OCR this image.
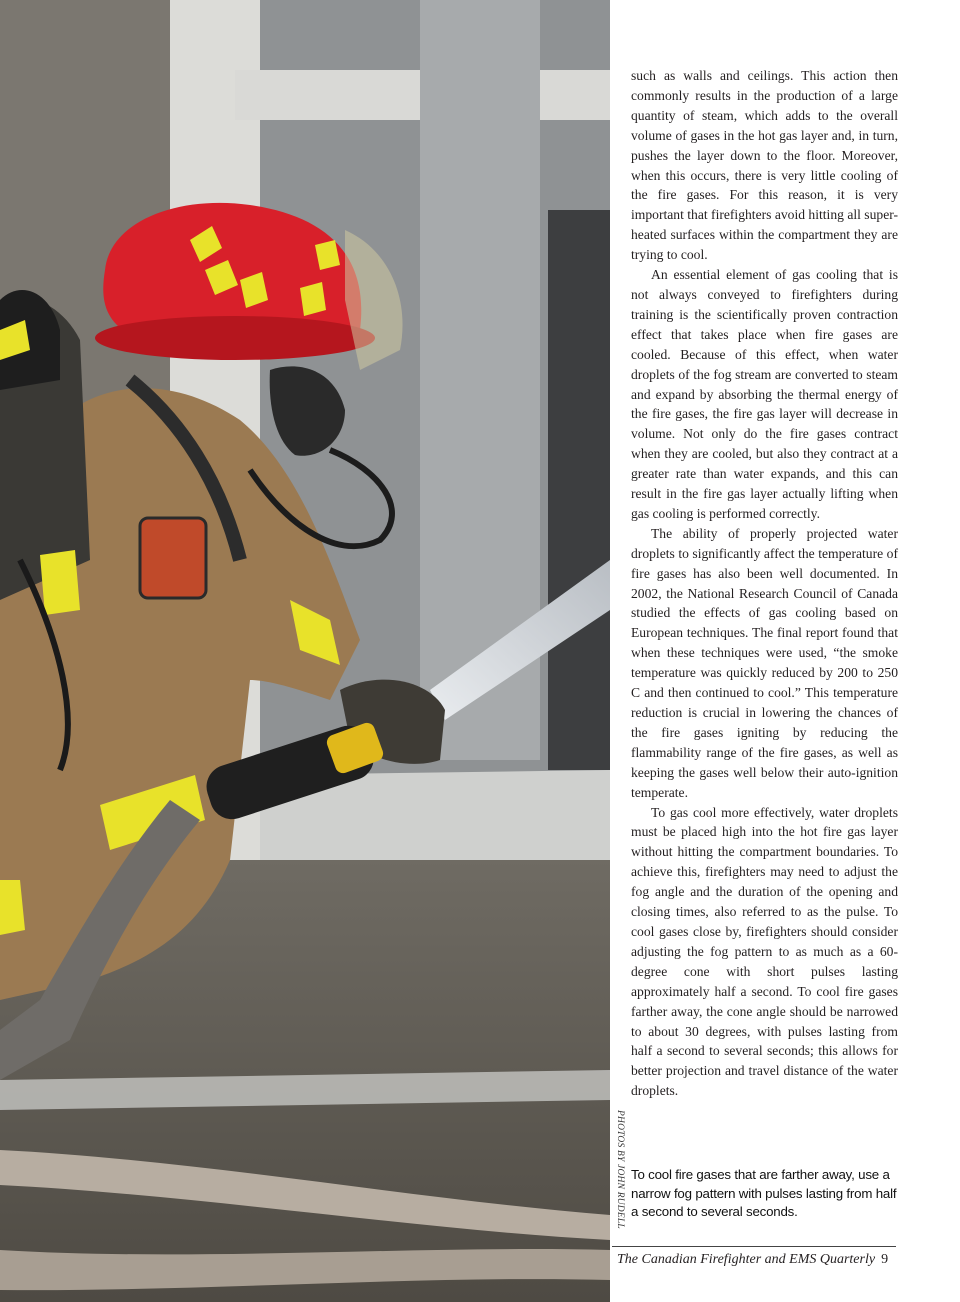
PHOTOS BY JOHN RUDELL

such as walls and ceilings. This action then commonly results in the production of a large quantity of steam, which adds to the overall volume of gases in the hot gas layer and, in turn, pushes the layer down to the floor. Moreover, when this occurs, there is very little cooling of the fire gases. For this reason, it is very important that firefighters avoid hitting all super-heated surfaces within the compartment they are trying to cool.

An essential element of gas cooling that is not always conveyed to firefighters during training is the scientifically proven contraction effect that takes place when fire gases are cooled. Because of this effect, when water droplets of the fog stream are converted to steam and expand by absorbing the thermal energy of the fire gases, the fire gas layer will decrease in volume. Not only do the fire gases contract when they are cooled, but also they contract at a greater rate than water expands, and this can result in the fire gas layer actually lifting when gas cooling is performed correctly.

The ability of properly projected water droplets to significantly affect the temperature of fire gases has also been well documented. In 2002, the National Research Council of Canada studied the effects of gas cooling based on European techniques. The final report found that when these techniques were used, “the smoke temperature was quickly reduced by 200 to 250 C and then continued to cool.” This temperature reduction is crucial in lowering the chances of the fire gases igniting by reducing the flammability range of the fire gases, as well as keeping the gases well below their auto-ignition temperate.

To gas cool more effectively, water droplets must be placed high into the hot fire gas layer without hitting the compartment boundaries. To achieve this, firefighters may need to adjust the fog angle and the duration of the opening and closing times, also referred to as the pulse. To cool gases close by, firefighters should consider adjusting the fog pattern to as much as a 60-degree cone with short pulses lasting approximately half a second. To cool fire gases farther away, the cone angle should be narrowed to about 30 degrees, with pulses lasting from half a second to several seconds; this allows for better projection and travel distance of the water droplets.

To cool fire gases that are farther away, use a narrow fog pattern with pulses lasting from half a second to several seconds.
The Canadian Firefighter and EMS Quarterly 9
